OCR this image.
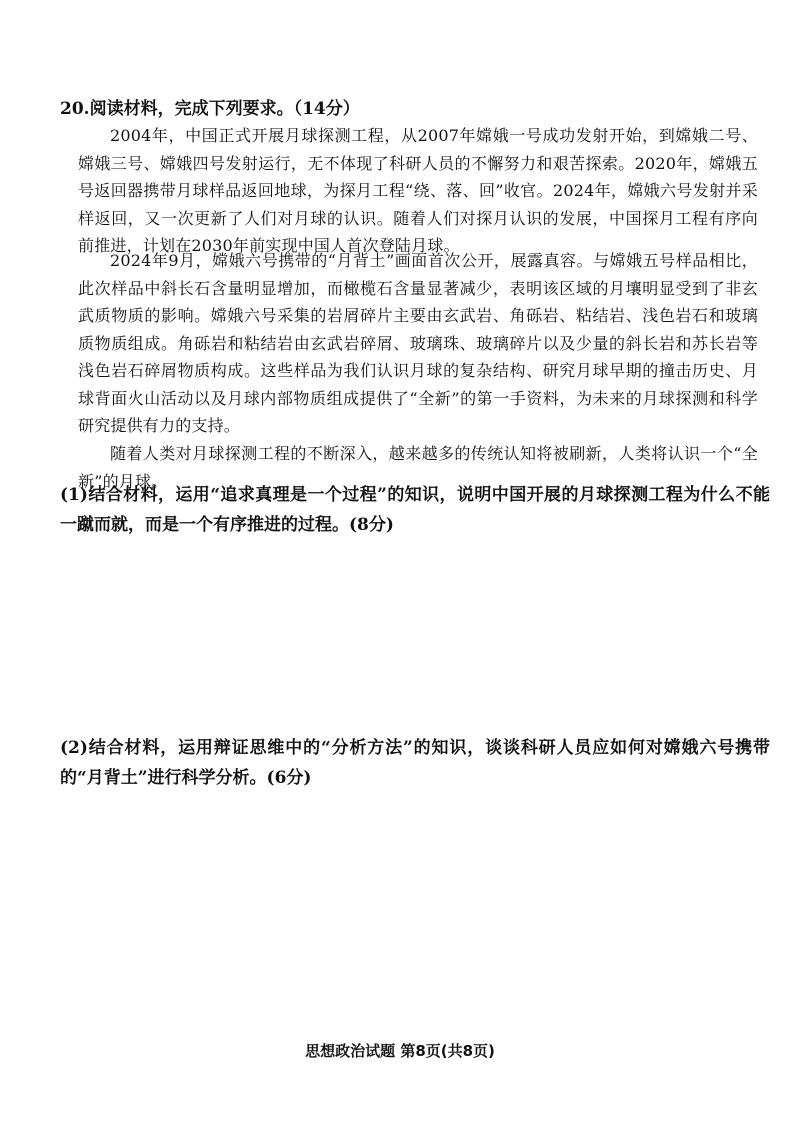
20.阅读材料，完成下列要求。（14分）

2004年，中国正式开展月球探测工程，从2007年嫦娥一号成功发射开始，到嫦娥二号、嫦娥三号、嫦娥四号发射运行，无不体现了科研人员的不懈努力和艰苦探索。2020年，嫦娥五号返回器携带月球样品返回地球，为探月工程“绕、落、回”收官。2024年，嫦娥六号发射并采样返回，又一次更新了人们对月球的认识。随着人们对探月认识的发展，中国探月工程有序向前推进，计划在2030年前实现中国人首次登陆月球。

2024年9月，嫦娥六号携带的“月背土”画面首次公开，展露真容。与嫦娥五号样品相比，此次样品中斜长石含量明显增加，而橄榄石含量显著减少，表明该区域的月壤明显受到了非玄武质物质的影响。嫦娥六号采集的岩屑碎片主要由玄武岩、角砾岩、粘结岩、浅色岩石和玻璃质物质组成。角砾岩和粘结岩由玄武岩碎屑、玻璃珠、玻璃碎片以及少量的斜长岩和苏长岩等浅色岩石碎屑物质构成。这些样品为我们认识月球的复杂结构、研究月球早期的撞击历史、月球背面火山活动以及月球内部物质组成提供了“全新”的第一手资料，为未来的月球探测和科学研究提供有力的支持。

随着人类对月球探测工程的不断深入，越来越多的传统认知将被刷新，人类将认识一个“全新”的月球。

(1)结合材料，运用“追求真理是一个过程”的知识，说明中国开展的月球探测工程为什么不能一蹴而就，而是一个有序推进的过程。(8分)

(2)结合材料，运用辩证思维中的“分析方法”的知识，谈谈科研人员应如何对嫦娥六号携带的“月背土”进行科学分析。(6分)

思想政治试题 第8页(共8页)
